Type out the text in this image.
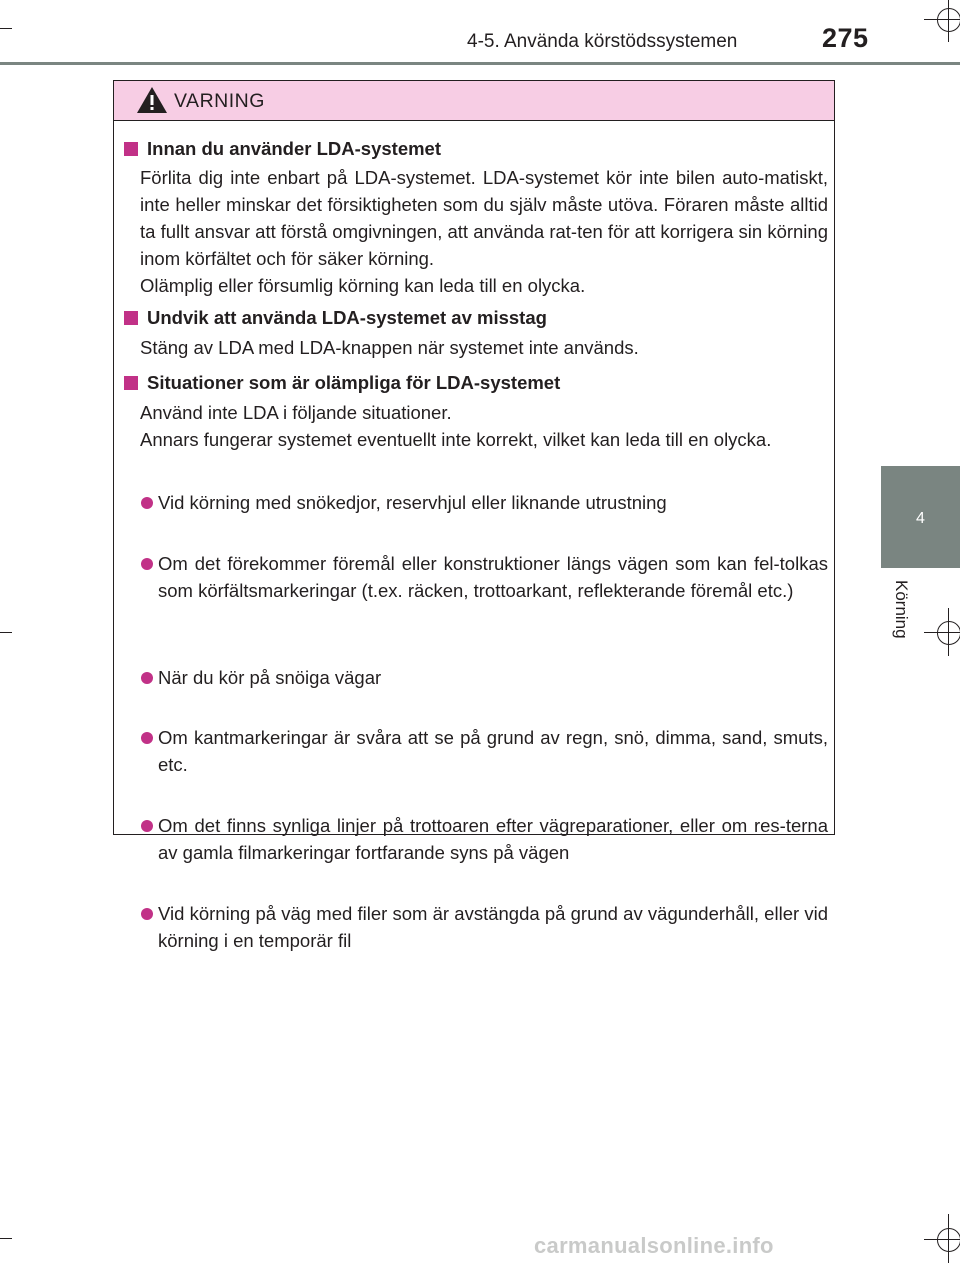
4-5. Använda körstödssystemen	275
4
Körning
VARNING
Innan du använder LDA-systemet

Förlita dig inte enbart på LDA-systemet. LDA-systemet kör inte bilen auto-matiskt, inte heller minskar det försiktigheten som du själv måste utöva. Föraren måste alltid ta fullt ansvar att förstå omgivningen, att använda rat-ten för att korrigera sin körning inom körfältet och för säker körning.

Olämplig eller försumlig körning kan leda till en olycka.

Undvik att använda LDA-systemet av misstag

Stäng av LDA med LDA-knappen när systemet inte används.

Situationer som är olämpliga för LDA-systemet

Använd inte LDA i följande situationer.

Annars fungerar systemet eventuellt inte korrekt, vilket kan leda till en olycka.

Vid körning med snökedjor, reservhjul eller liknande utrustning
Om det förekommer föremål eller konstruktioner längs vägen som kan fel-tolkas som körfältsmarkeringar (t.ex. räcken, trottoarkant, reflekterande föremål etc.)
När du kör på snöiga vägar
Om kantmarkeringar är svåra att se på grund av regn, snö, dimma, sand, smuts, etc.
Om det finns synliga linjer på trottoaren efter vägreparationer, eller om res-terna av gamla filmarkeringar fortfarande syns på vägen
Vid körning på väg med filer som är avstängda på grund av vägunderhåll, eller vid körning i en temporär fil
carmanualsonline.info
